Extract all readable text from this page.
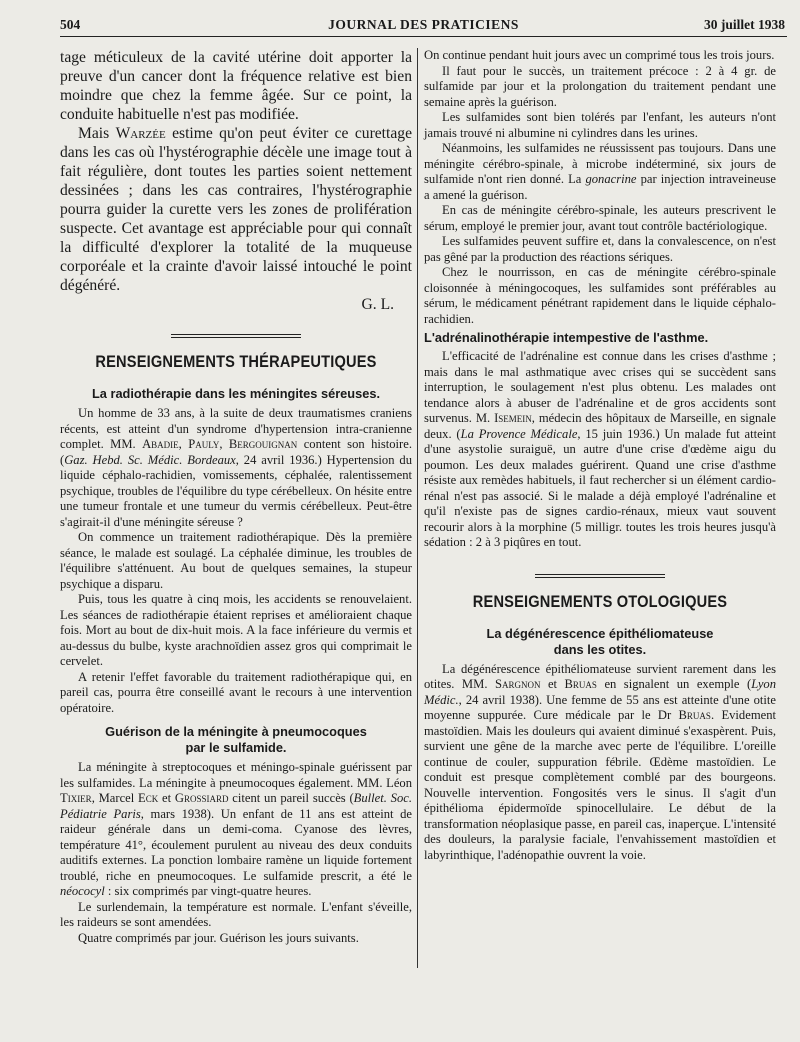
504	JOURNAL DES PRATICIENS	30 juillet 1938

tage méticuleux de la cavité utérine doit apporter la preuve d'un cancer dont la fréquence relative est bien moindre que chez la femme âgée. Sur ce point, la conduite habituelle n'est pas modifiée.

Mais Warzée estime qu'on peut éviter ce curettage dans les cas où l'hystérographie décèle une image tout à fait régulière, dont toutes les parties soient nettement dessinées ; dans les cas contraires, l'hystérographie pourra guider la curette vers les zones de prolifération suspecte. Cet avantage est appréciable pour qui connaît la difficulté d'explorer la totalité de la muqueuse corporéale et la crainte d'avoir laissé intouché le point dégénéré.

G. L.

RENSEIGNEMENTS THÉRAPEUTIQUES
La radiothérapie dans les méningites séreuses.

Un homme de 33 ans, à la suite de deux traumatismes craniens récents, est atteint d'un syndrome d'hypertension intra-cranienne complet. MM. Abadie, Pauly, Bergouignan content son histoire. (Gaz. Hebd. Sc. Médic. Bordeaux, 24 avril 1936.) Hypertension du liquide céphalo-rachidien, vomissements, céphalée, ralentissement psychique, troubles de l'équilibre du type cérébelleux. On hésite entre une tumeur frontale et une tumeur du vermis cérébelleux. Peut-être s'agirait-il d'une méningite séreuse ?

On commence un traitement radiothérapique. Dès la première séance, le malade est soulagé. La céphalée diminue, les troubles de l'équilibre s'atténuent. Au bout de quelques semaines, la stupeur psychique a disparu.

Puis, tous les quatre à cinq mois, les accidents se renouvelaient. Les séances de radiothérapie étaient reprises et amélioraient chaque fois. Mort au bout de dix-huit mois. A la face inférieure du vermis et au-dessus du bulbe, kyste arachnoïdien assez gros qui comprimait le cervelet.

A retenir l'effet favorable du traitement radiothérapique qui, en pareil cas, pourra être conseillé avant le recours à une intervention opératoire.

Guérison de la méningite à pneumocoques
par le sulfamide.

La méningite à streptocoques et méningo-spinale guérissent par les sulfamides. La méningite à pneumocoques également. MM. Léon Tixier, Marcel Eck et Grossiard citent un pareil succès (Bullet. Soc. Pédiatrie Paris, mars 1938). Un enfant de 11 ans est atteint de raideur générale dans un demi-coma. Cyanose des lèvres, température 41°, écoulement purulent au niveau des deux conduits auditifs externes. La ponction lombaire ramène un liquide fortement troublé, riche en pneumocoques. Le sulfamide prescrit, a été le néococyl : six comprimés par vingt-quatre heures.

Le surlendemain, la température est normale. L'enfant s'éveille, les raideurs se sont amendées.

Quatre comprimés par jour. Guérison les jours suivants.

On continue pendant huit jours avec un comprimé tous les trois jours.

Il faut pour le succès, un traitement précoce : 2 à 4 gr. de sulfamide par jour et la prolongation du traitement pendant une semaine après la guérison.

Les sulfamides sont bien tolérés par l'enfant, les auteurs n'ont jamais trouvé ni albumine ni cylindres dans les urines.

Néanmoins, les sulfamides ne réussissent pas toujours. Dans une méningite cérébro-spinale, à microbe indéterminé, six jours de sulfamide n'ont rien donné. La gonacrine par injection intraveineuse a amené la guérison.

En cas de méningite cérébro-spinale, les auteurs prescrivent le sérum, employé le premier jour, avant tout contrôle bactériologique.

Les sulfamides peuvent suffire et, dans la convalescence, on n'est pas gêné par la production des réactions sériques.

Chez le nourrisson, en cas de méningite cérébro-spinale cloisonnée à méningocoques, les sulfamides sont préférables au sérum, le médicament pénétrant rapidement dans le liquide céphalo-rachidien.

L'adrénalinothérapie intempestive de l'asthme.

L'efficacité de l'adrénaline est connue dans les crises d'asthme ; mais dans le mal asthmatique avec crises qui se succèdent sans interruption, le soulagement n'est plus obtenu. Les malades ont tendance alors à abuser de l'adrénaline et de gros accidents sont survenus. M. Isemein, médecin des hôpitaux de Marseille, en signale deux. (La Provence Médicale, 15 juin 1936.) Un malade fut atteint d'une asystolie suraiguë, un autre d'une crise d'œdème aigu du poumon. Les deux malades guérirent. Quand une crise d'asthme résiste aux remèdes habituels, il faut rechercher si un élément cardio-rénal n'est pas associé. Si le malade a déjà employé l'adrénaline et qu'il n'existe pas de signes cardio-rénaux, mieux vaut souvent recourir alors à la morphine (5 milligr. toutes les trois heures jusqu'à sédation : 2 à 3 piqûres en tout.

RENSEIGNEMENTS OTOLOGIQUES
La dégénérescence épithéliomateuse
dans les otites.

La dégénérescence épithéliomateuse survient rarement dans les otites. MM. Sargnon et Bruas en signalent un exemple (Lyon Médic., 24 avril 1938). Une femme de 55 ans est atteinte d'une otite moyenne suppurée. Cure médicale par le Dr Bruas. Evidement mastoïdien. Mais les douleurs qui avaient diminué s'exaspèrent. Puis, survient une gêne de la marche avec perte de l'équilibre. L'oreille continue de couler, suppuration fébrile. Œdème mastoïdien. Le conduit est presque complètement comblé par des bourgeons. Nouvelle intervention. Fongosités vers le sinus. Il s'agit d'un épithélioma épidermoïde spinocellulaire. Le début de la transformation néoplasique passe, en pareil cas, inaperçue. L'intensité des douleurs, la paralysie faciale, l'envahissement mastoïdien et labyrinthique, l'adénopathie ouvrent la voie.
